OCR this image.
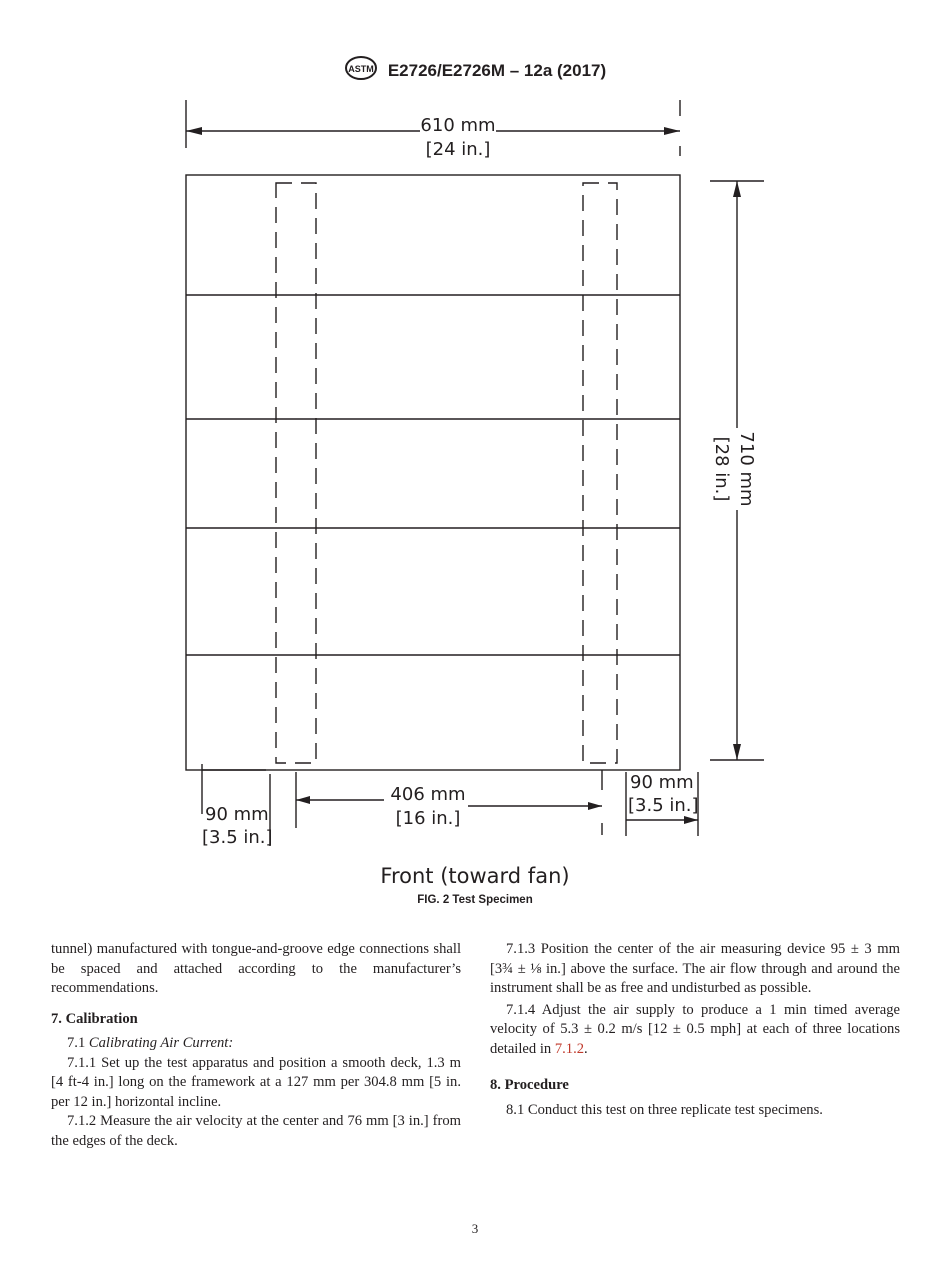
ASTM E2726/E2726M – 12a (2017)
610 mm
[24 in.]
710 mm
[28 in.]
90 mm
[3.5 in.]
406 mm
[16 in.]
90 mm
[3.5 in.]
Front (toward fan)
FIG. 2 Test Specimen

tunnel) manufactured with tongue-and-groove edge connections shall be spaced and attached according to the manufacturer’s recommendations.

7. Calibration

7.1 Calibrating Air Current:

7.1.1 Set up the test apparatus and position a smooth deck, 1.3 m [4 ft-4 in.] long on the framework at a 127 mm per 304.8 mm [5 in. per 12 in.] horizontal incline.

7.1.2 Measure the air velocity at the center and 76 mm [3 in.] from the edges of the deck.

7.1.3 Position the center of the air measuring device 95 ± 3 mm [3¾ ± ⅛ in.] above the surface. The air flow through and around the instrument shall be as free and undisturbed as possible.

7.1.4 Adjust the air supply to produce a 1 min timed average velocity of 5.3 ± 0.2 m/s [12 ± 0.5 mph] at each of three locations detailed in 7.1.2.

8. Procedure

8.1 Conduct this test on three replicate test specimens.

3
